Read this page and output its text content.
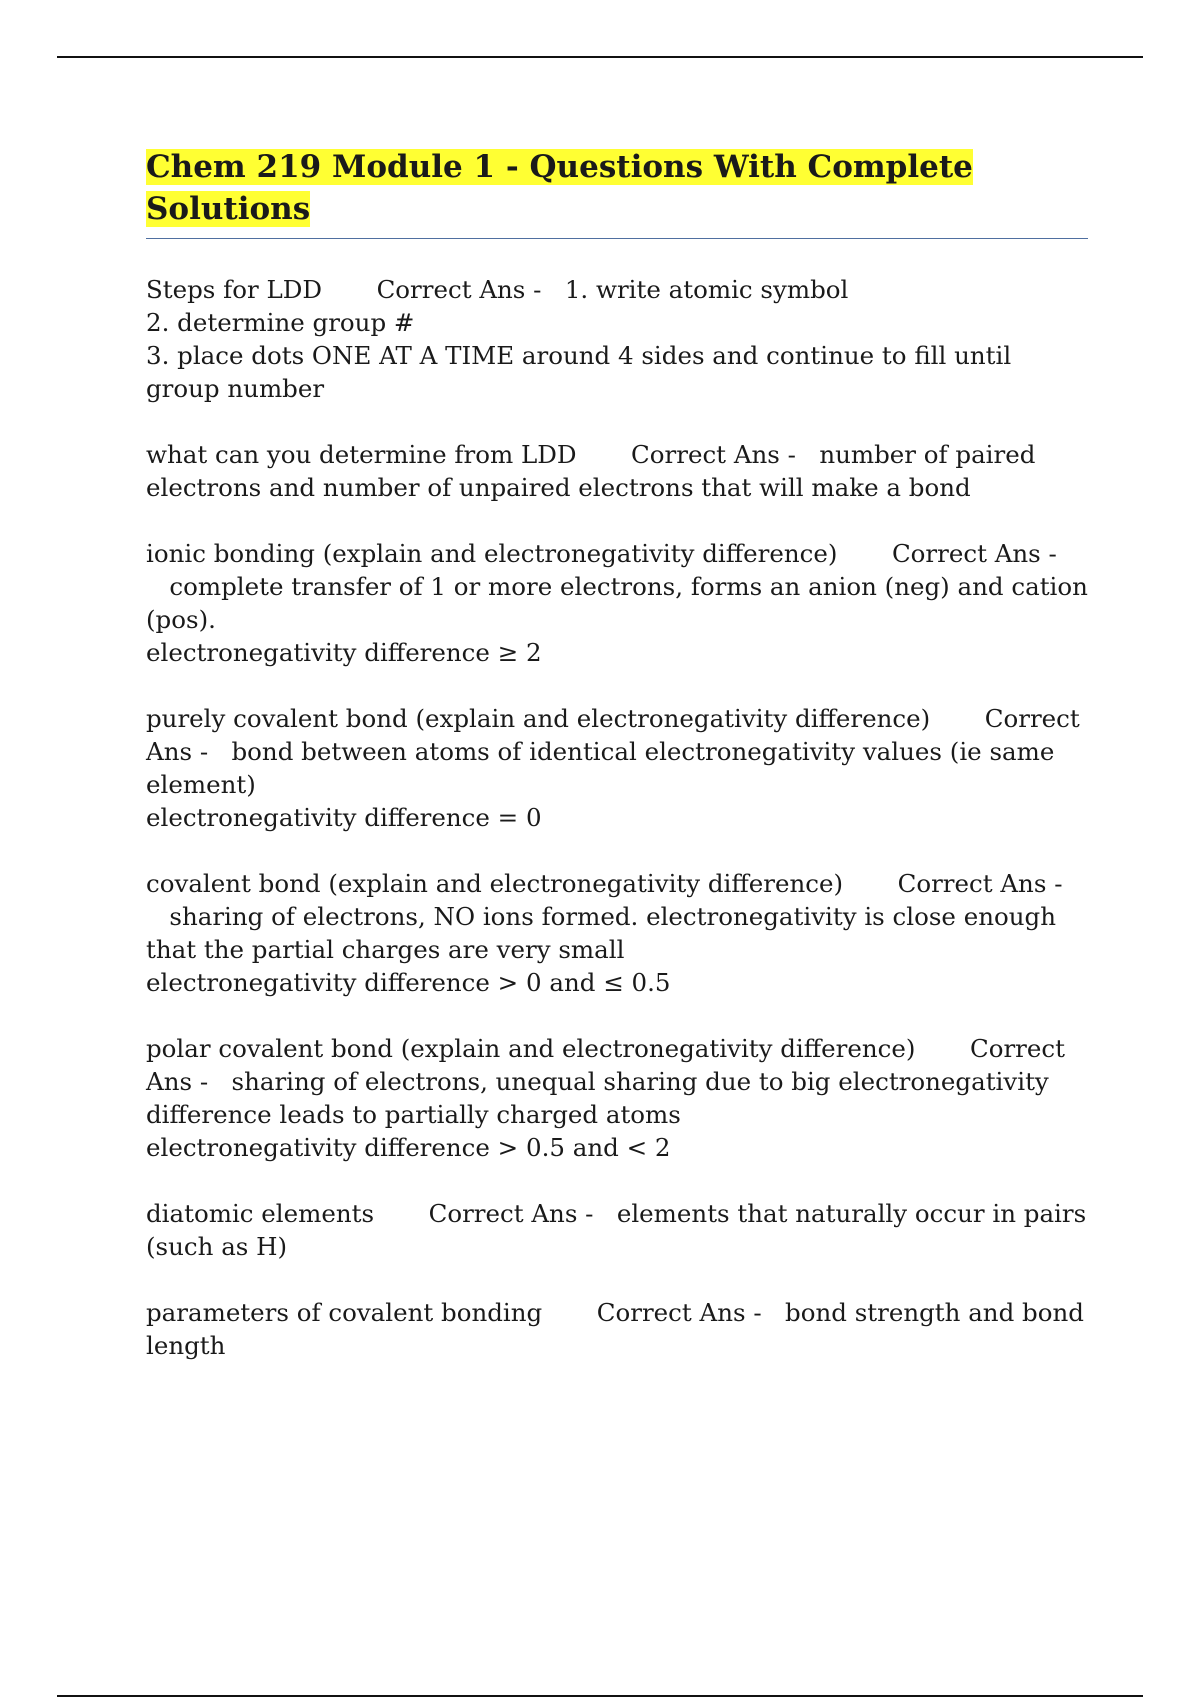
Chem 219 Module 1 - Questions With Complete Solutions
Steps for LDD Correct Ans - 1. write atomic symbol
2. determine group #
3. place dots ONE AT A TIME around 4 sides and continue to fill until group number
what can you determine from LDD Correct Ans - number of paired electrons and number of unpaired electrons that will make a bond
ionic bonding (explain and electronegativity difference) Correct Ans -   complete transfer of 1 or more electrons, forms an anion (neg) and cation (pos).
electronegativity difference ≥ 2
purely covalent bond (explain and electronegativity difference) Correct Ans - bond between atoms of identical electronegativity values (ie same element)
electronegativity difference = 0
covalent bond (explain and electronegativity difference) Correct Ans -   sharing of electrons, NO ions formed. electronegativity is close enough that the partial charges are very small
electronegativity difference > 0 and ≤ 0.5
polar covalent bond (explain and electronegativity difference) Correct Ans - sharing of electrons, unequal sharing due to big electronegativity difference leads to partially charged atoms
electronegativity difference > 0.5 and < 2
diatomic elements Correct Ans - elements that naturally occur in pairs (such as H)
parameters of covalent bonding Correct Ans - bond strength and bond length
